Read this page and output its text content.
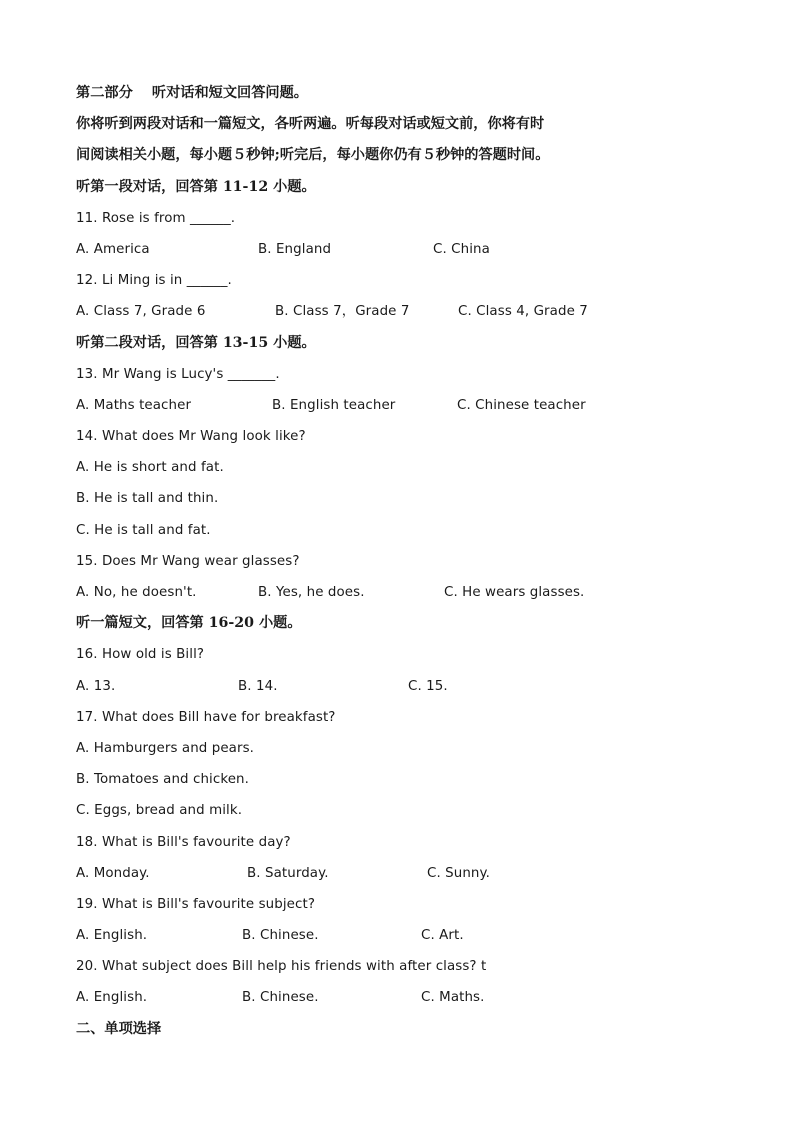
第二部分　 听对话和短文回答问题。
你将听到两段对话和一篇短文，各听两遍。听每段对话或短文前，你将有时
间阅读相关小题，每小题５秒钟;听完后，每小题你仍有５秒钟的答题时间。
听第一段对话，回答第 11-12 小题。
11. Rose is from ______.
A. America	B. England	C. China
12. Li Ming is in ______.
A. Class 7, Grade 6	B. Class 7，Grade 7	C. Class 4, Grade 7
听第二段对话，回答第 13-15 小题。
13. Mr Wang is Lucy's _______.
A. Maths teacher	B. English teacher	C. Chinese teacher
14. What does Mr Wang look like?
A. He is short and fat.
B. He is tall and thin.
C. He is tall and fat.
15. Does Mr Wang wear glasses?
A. No, he doesn't.	B. Yes, he does.	C. He wears glasses.
听一篇短文，回答第 16-20 小题。
16. How old is Bill?
A. 13.	B. 14.	C. 15.
17. What does Bill have for breakfast?
A. Hamburgers and pears.
B. Tomatoes and chicken.
C. Eggs, bread and milk.
18. What is Bill's favourite day?
A. Monday.	B. Saturday.	C. Sunny.
19. What is Bill's favourite subject?
A. English.	B. Chinese.	C. Art.
20. What subject does Bill help his friends with after class? t
A. English.	B. Chinese.	C. Maths.
二、单项选择
